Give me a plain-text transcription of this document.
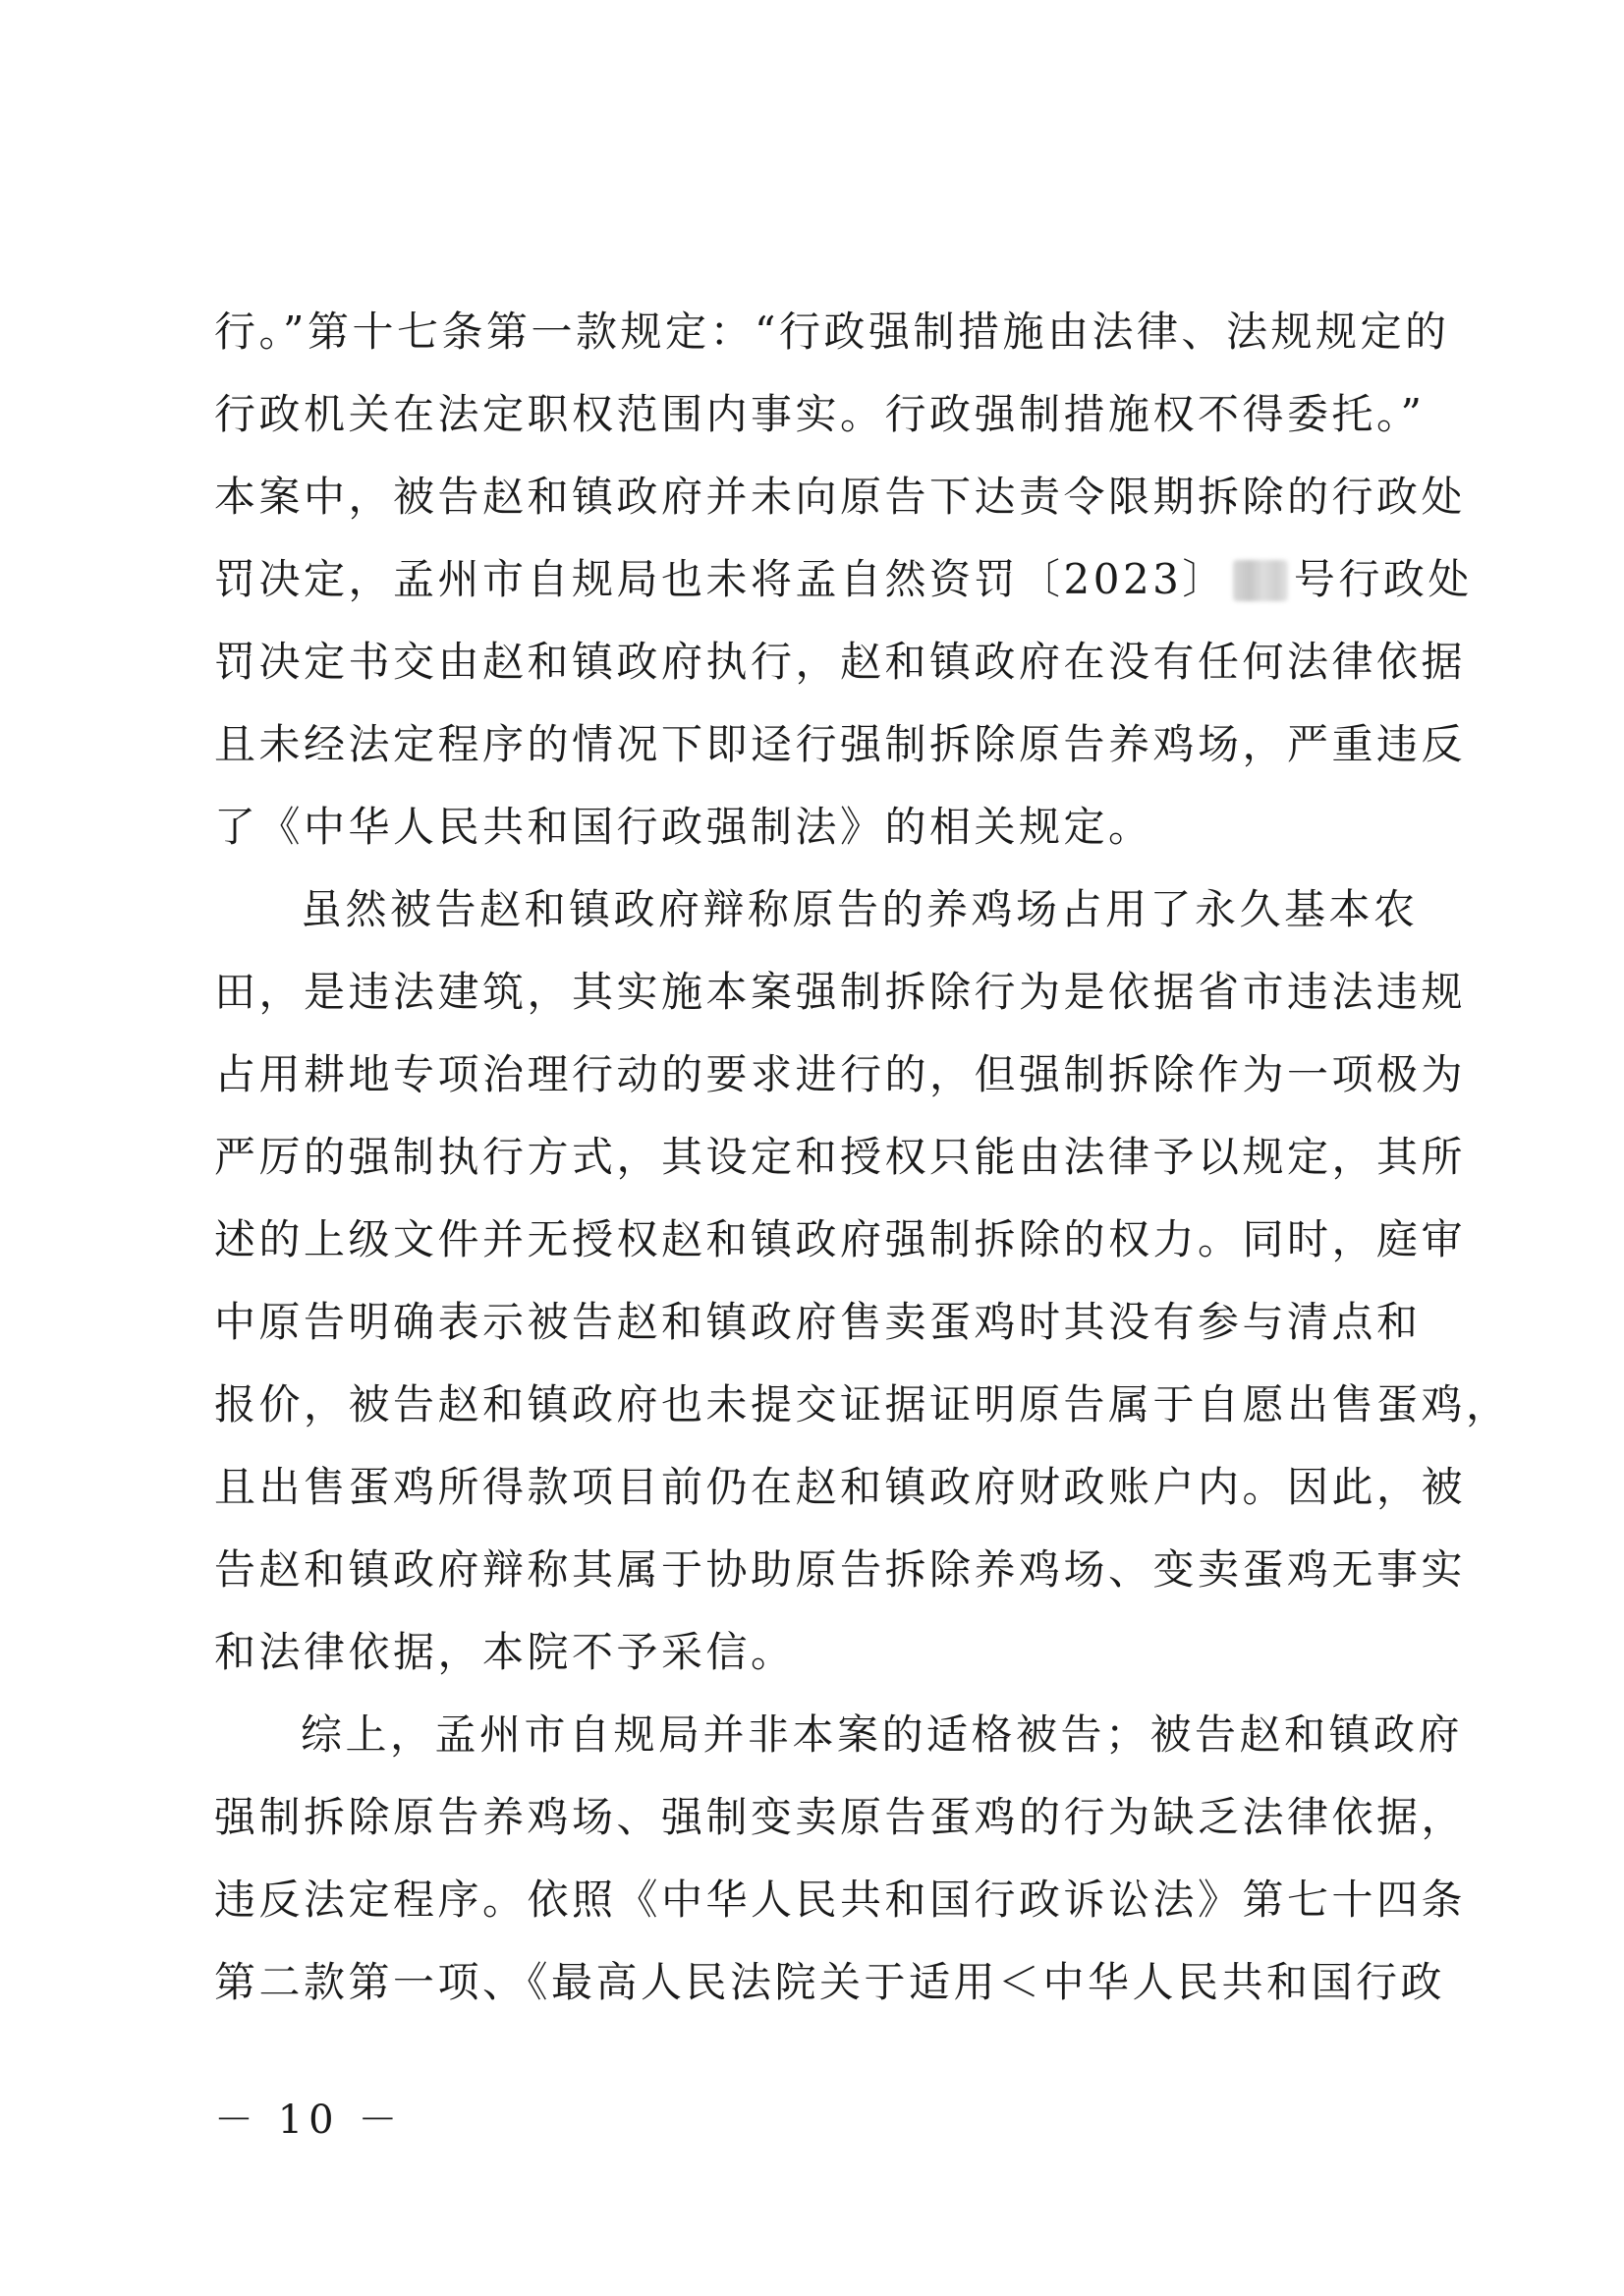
行。”第十七条第一款规定：“行政强制措施由法律、法规规定的
行政机关在法定职权范围内事实。行政强制措施权不得委托。”
本案中，被告赵和镇政府并未向原告下达责令限期拆除的行政处
罚决定，孟州市自规局也未将孟自然资罚〔2023〕 号行政处
罚决定书交由赵和镇政府执行，赵和镇政府在没有任何法律依据
且未经法定程序的情况下即迳行强制拆除原告养鸡场，严重违反
了《中华人民共和国行政强制法》的相关规定。
虽然被告赵和镇政府辩称原告的养鸡场占用了永久基本农
田，是违法建筑，其实施本案强制拆除行为是依据省市违法违规
占用耕地专项治理行动的要求进行的，但强制拆除作为一项极为
严厉的强制执行方式，其设定和授权只能由法律予以规定，其所
述的上级文件并无授权赵和镇政府强制拆除的权力。同时，庭审
中原告明确表示被告赵和镇政府售卖蛋鸡时其没有参与清点和
报价，被告赵和镇政府也未提交证据证明原告属于自愿出售蛋鸡，
且出售蛋鸡所得款项目前仍在赵和镇政府财政账户内。因此，被
告赵和镇政府辩称其属于协助原告拆除养鸡场、变卖蛋鸡无事实
和法律依据，本院不予采信。
综上，孟州市自规局并非本案的适格被告；被告赵和镇政府
强制拆除原告养鸡场、强制变卖原告蛋鸡的行为缺乏法律依据，
违反法定程序。依照《中华人民共和国行政诉讼法》第七十四条
第二款第一项、《最高人民法院关于适用＜中华人民共和国行政
－ 10 －
